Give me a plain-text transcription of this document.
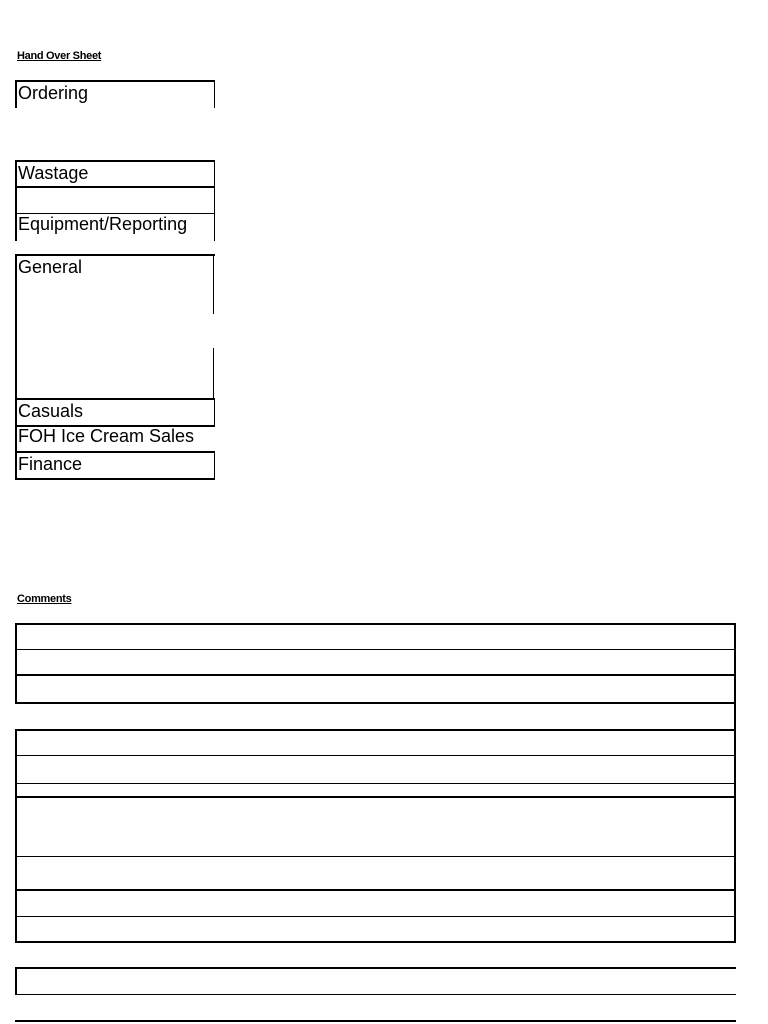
Hand Over Sheet
Ordering
Wastage
Equipment/Reporting
General
Casuals
FOH Ice Cream Sales
Finance
Comments
